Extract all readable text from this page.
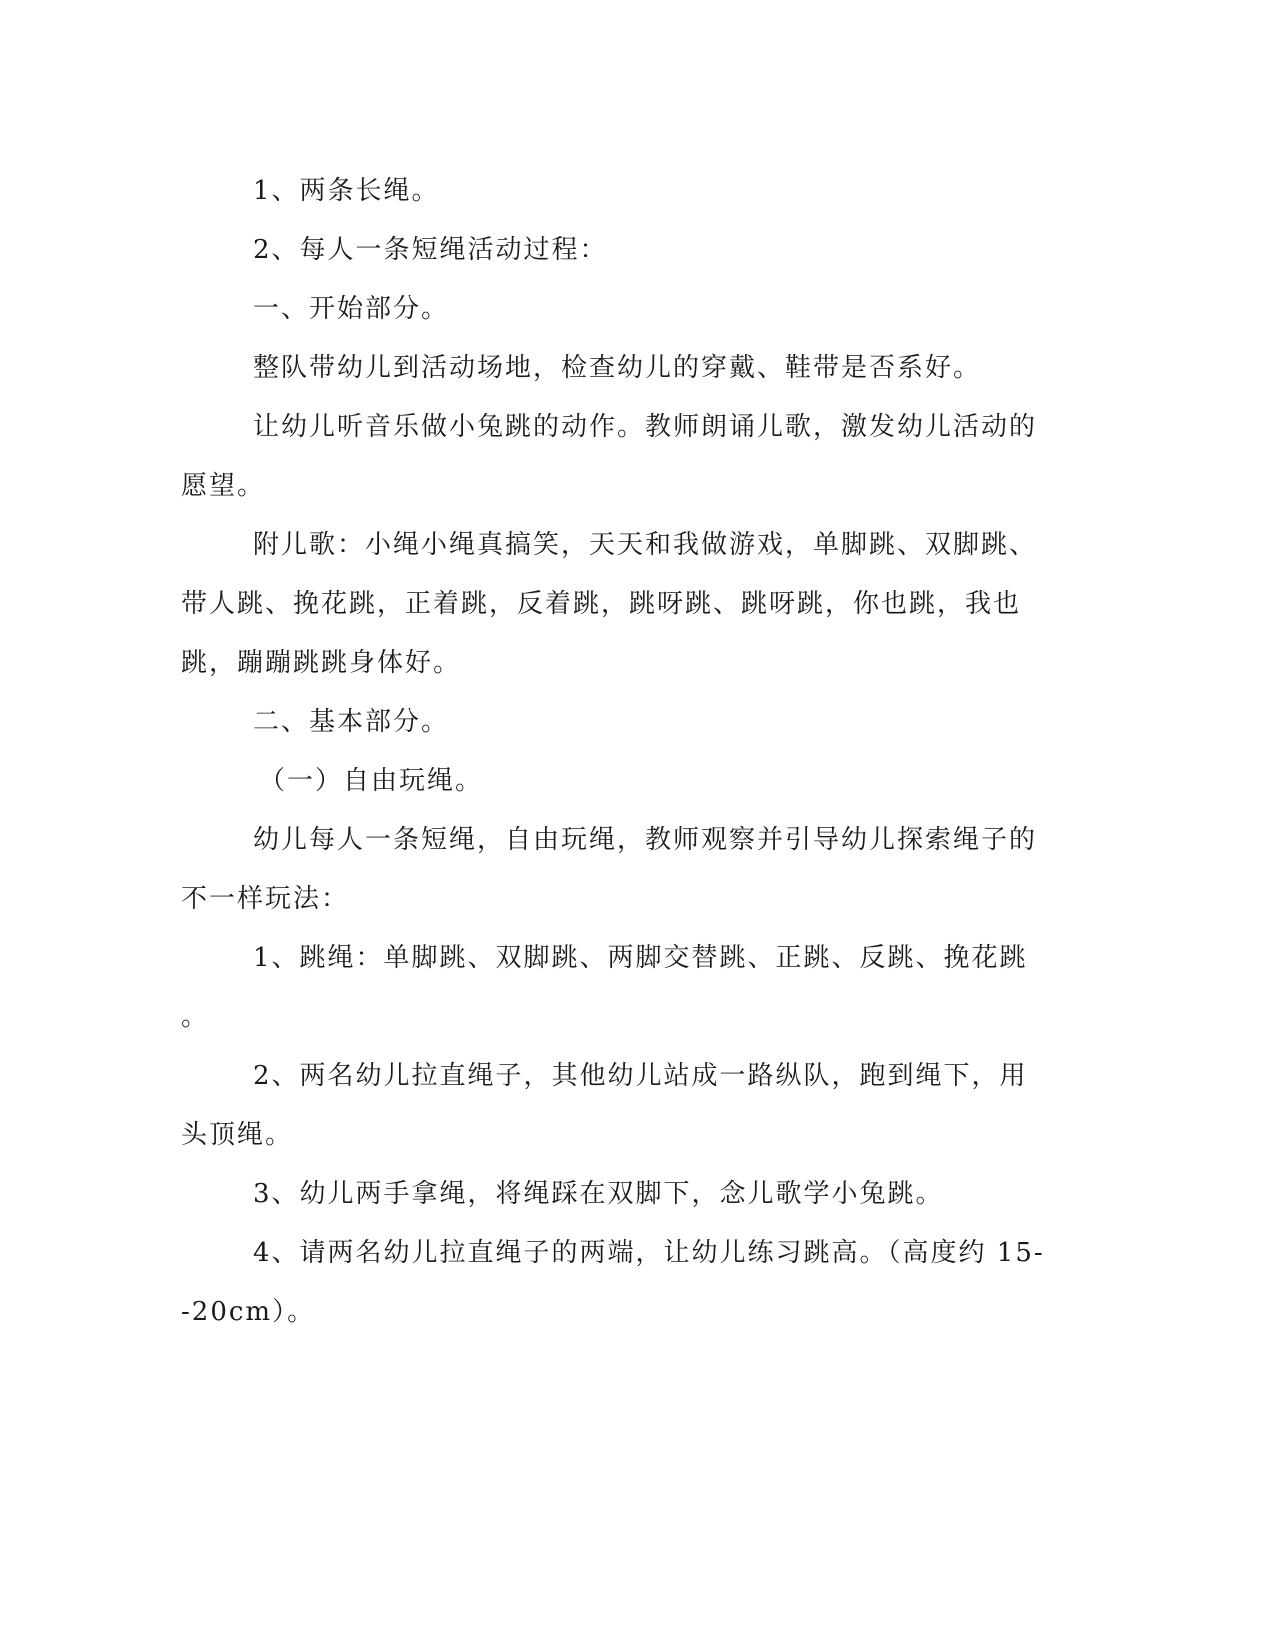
1、两条长绳。
2、每人一条短绳活动过程：
一、开始部分。
整队带幼儿到活动场地，检查幼儿的穿戴、鞋带是否系好。
让幼儿听音乐做小兔跳的动作。教师朗诵儿歌，激发幼儿活动的
愿望。
附儿歌：小绳小绳真搞笑，天天和我做游戏，单脚跳、双脚跳、
带人跳、挽花跳，正着跳，反着跳，跳呀跳、跳呀跳，你也跳，我也
跳，蹦蹦跳跳身体好。
二、基本部分。
（一）自由玩绳。
幼儿每人一条短绳，自由玩绳，教师观察并引导幼儿探索绳子的
不一样玩法：
1、跳绳：单脚跳、双脚跳、两脚交替跳、正跳、反跳、挽花跳
。
2、两名幼儿拉直绳子，其他幼儿站成一路纵队，跑到绳下，用
头顶绳。
3、幼儿两手拿绳，将绳踩在双脚下，念儿歌学小兔跳。
4、请两名幼儿拉直绳子的两端，让幼儿练习跳高。（高度约 15-
-20cm）。
